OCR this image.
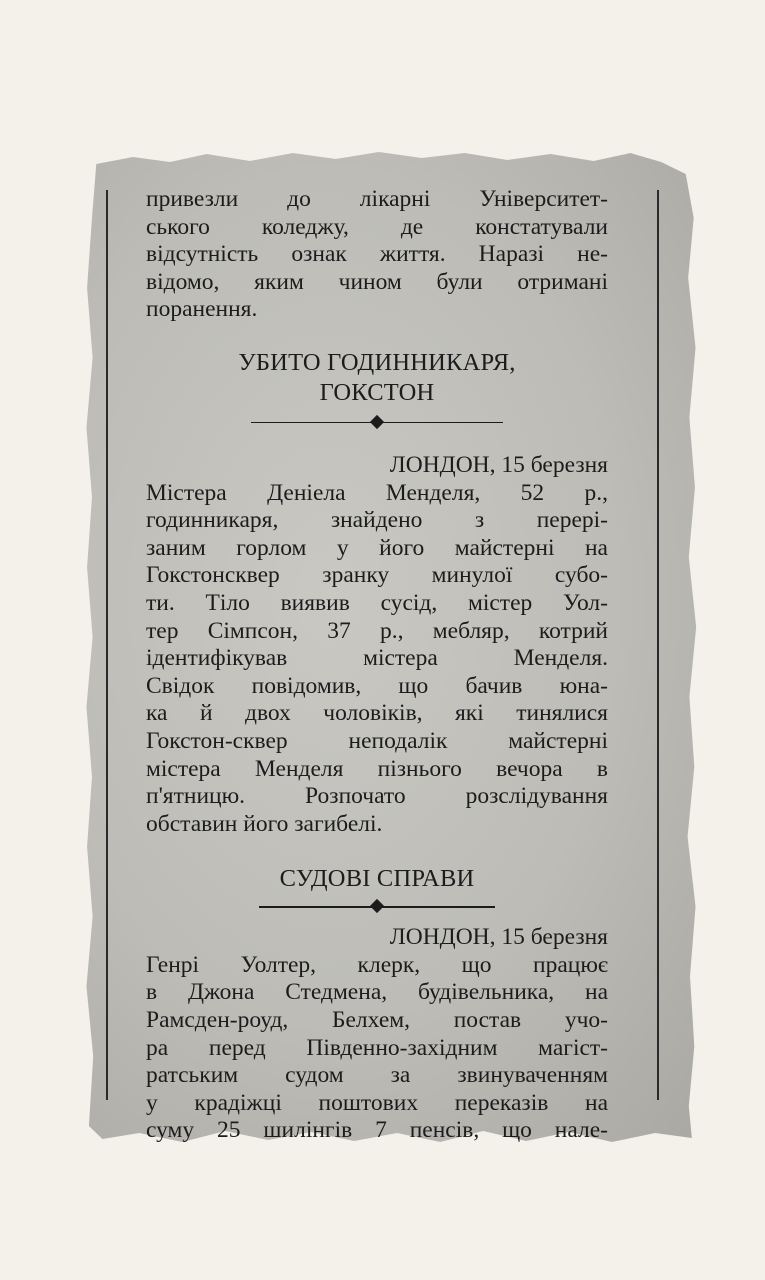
привезли до лікарні Університет-
ського коледжу, де констатували
відсутність ознак життя. Наразі не-
відомо, яким чином були отримані
поранення.
УБИТО ГОДИННИКАРЯ,
ГОКСТОН
ЛОНДОН, 15 березня
Містера Деніела Менделя, 52 р.,
годинникаря, знайдено з перері-
заним горлом у його майстерні на
Гокстонсквер зранку минулої субо-
ти. Тіло виявив сусід, містер Уол-
тер Сімпсон, 37 р., мебляр, котрий
ідентифікував містера Менделя.
Свідок повідомив, що бачив юна-
ка й двох чоловіків, які тинялися
Гокстон-сквер неподалік майстерні
містера Менделя пізнього вечора в
п'ятницю. Розпочато розслідування
обставин його загибелі.
СУДОВІ СПРАВИ
ЛОНДОН, 15 березня
Генрі Уолтер, клерк, що працює
в Джона Стедмена, будівельника, на
Рамсден-роуд, Белхем, постав учо-
ра перед Південно-західним магіст-
ратським судом за звинуваченням
у крадіжці поштових переказів на
суму 25 шилінгів 7 пенсів, що нале-
